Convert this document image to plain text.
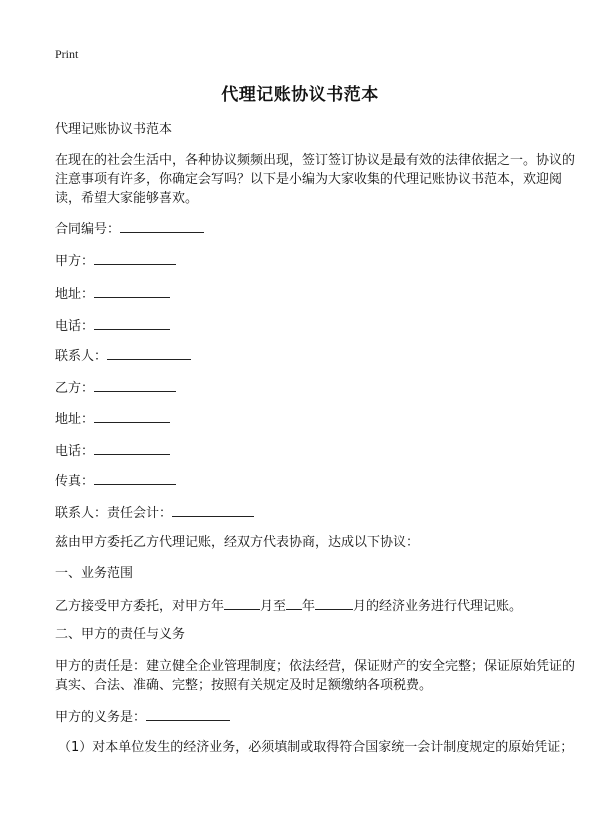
Print
代理记账协议书范本
代理记账协议书范本
在现在的社会生活中，各种协议频频出现，签订签订协议是最有效的法律依据之一。协议的注意事项有许多，你确定会写吗？以下是小编为大家收集的代理记账协议书范本，欢迎阅读，希望大家能够喜欢。
合同编号：
甲方：
地址：
电话：
联系人：
乙方：
地址：
电话：
传真：
联系人：责任会计：
兹由甲方委托乙方代理记账，经双方代表协商，达成以下协议：
一、业务范围
乙方接受甲方委托，对甲方年	月至 年	月的经济业务进行代理记账。
二、甲方的责任与义务
甲方的责任是：建立健全企业管理制度；依法经营，保证财产的安全完整；保证原始凭证的真实、合法、准确、完整；按照有关规定及时足额缴纳各项税费。
甲方的义务是：
（1）对本单位发生的经济业务，必须填制或取得符合国家统一会计制度规定的原始凭证；
